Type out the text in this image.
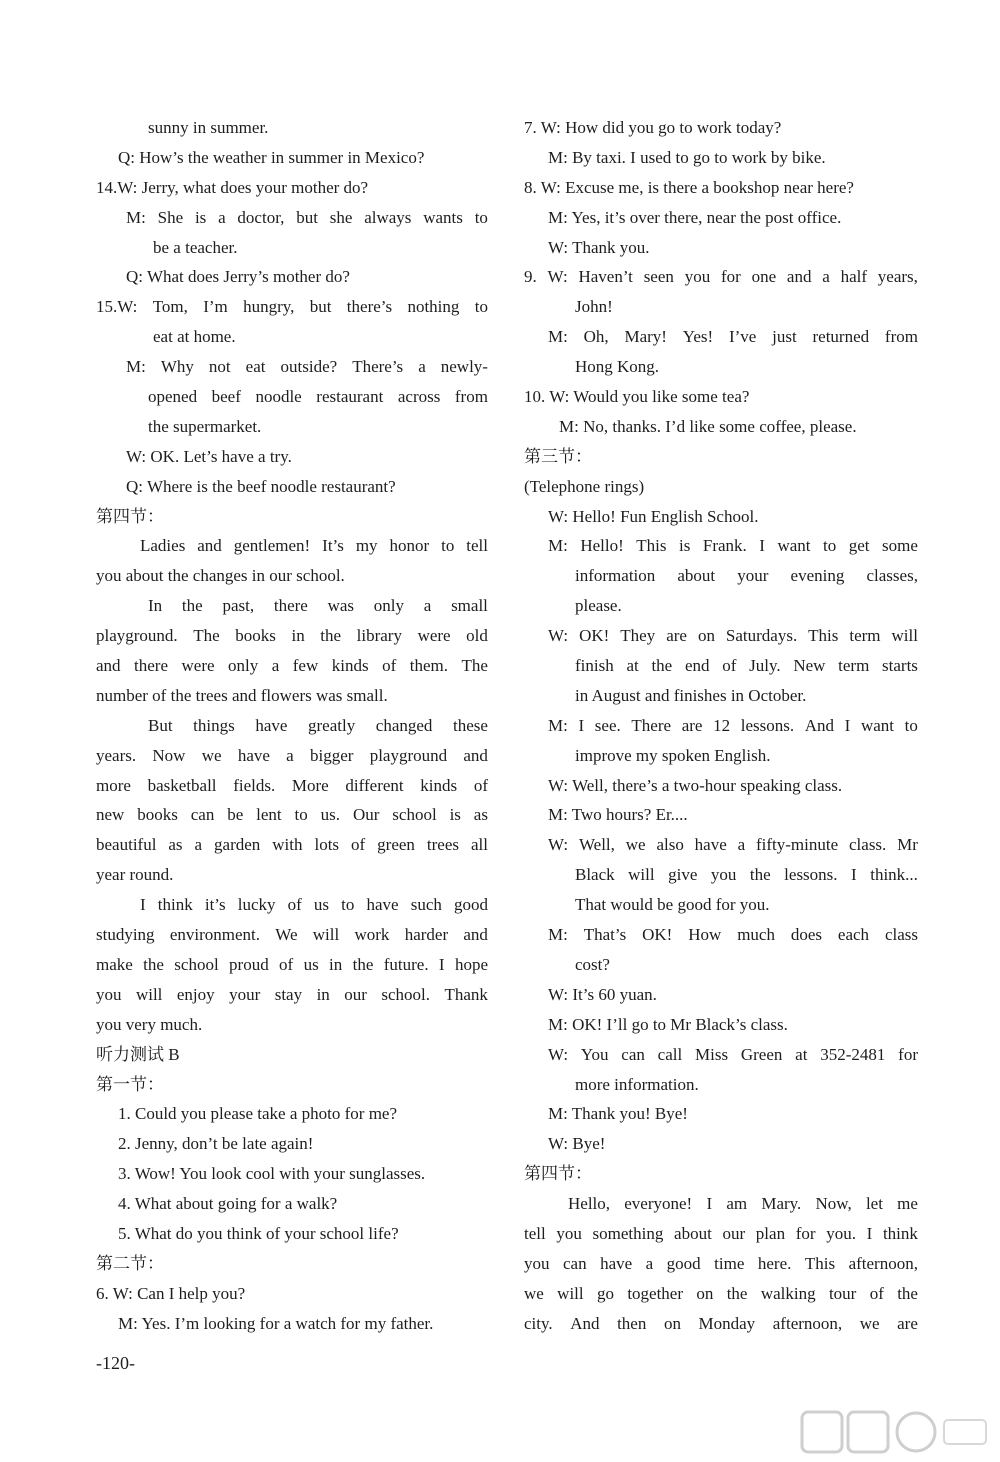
sunny in summer.
Q: How’s the weather in summer in Mexico?
14.W: Jerry, what does your mother do?
M: She is a doctor, but she always wants to
be a teacher.
Q: What does Jerry’s mother do?
15.W: Tom, I’m hungry, but there’s nothing to
eat at home.
M: Why not eat outside? There’s a newly-
opened beef noodle restaurant across from
the supermarket.
W: OK. Let’s have a try.
Q: Where is the beef noodle restaurant?
第四节：
Ladies and gentlemen! It’s my honor to tell
you about the changes in our school.
In the past, there was only a small
playground. The books in the library were old
and there were only a few kinds of them. The
number of the trees and flowers was small.
But things have greatly changed these
years. Now we have a bigger playground and
more basketball fields. More different kinds of
new books can be lent to us. Our school is as
beautiful as a garden with lots of green trees all
year round.
I think it’s lucky of us to have such good
studying environment. We will work harder and
make the school proud of us in the future. I hope
you will enjoy your stay in our school. Thank
you very much.
听力测试 B
第一节：
1. Could you please take a photo for me?
2. Jenny, don’t be late again!
3. Wow! You look cool with your sunglasses.
4. What about going for a walk?
5. What do you think of your school life?
第二节：
6. W: Can I help you?
M: Yes. I’m looking for a watch for my father.
7. W: How did you go to work today?
M: By taxi. I used to go to work by bike.
8. W: Excuse me, is there a bookshop near here?
M: Yes, it’s over there, near the post office.
W: Thank you.
9. W: Haven’t seen you for one and a half years,
John!
M: Oh, Mary! Yes! I’ve just returned from
Hong Kong.
10. W: Would you like some tea?
M: No, thanks. I’d like some coffee, please.
第三节：
(Telephone rings)
W: Hello! Fun English School.
M: Hello! This is Frank. I want to get some
information about your evening classes,
please.
W: OK! They are on Saturdays. This term will
finish at the end of July. New term starts
in August and finishes in October.
M: I see. There are 12 lessons. And I want to
improve my spoken English.
W: Well, there’s a two-hour speaking class.
M: Two hours? Er....
W: Well, we also have a fifty-minute class. Mr
Black will give you the lessons. I think...
That would be good for you.
M: That’s OK! How much does each class
cost?
W: It’s 60 yuan.
M: OK! I’ll go to Mr Black’s class.
W: You can call Miss Green at 352-2481 for
more information.
M: Thank you! Bye!
W: Bye!
第四节：
Hello, everyone! I am Mary. Now, let me
tell you something about our plan for you. I think
you can have a good time here. This afternoon,
we will go together on the walking tour of the
city. And then on Monday afternoon, we are
-120-
